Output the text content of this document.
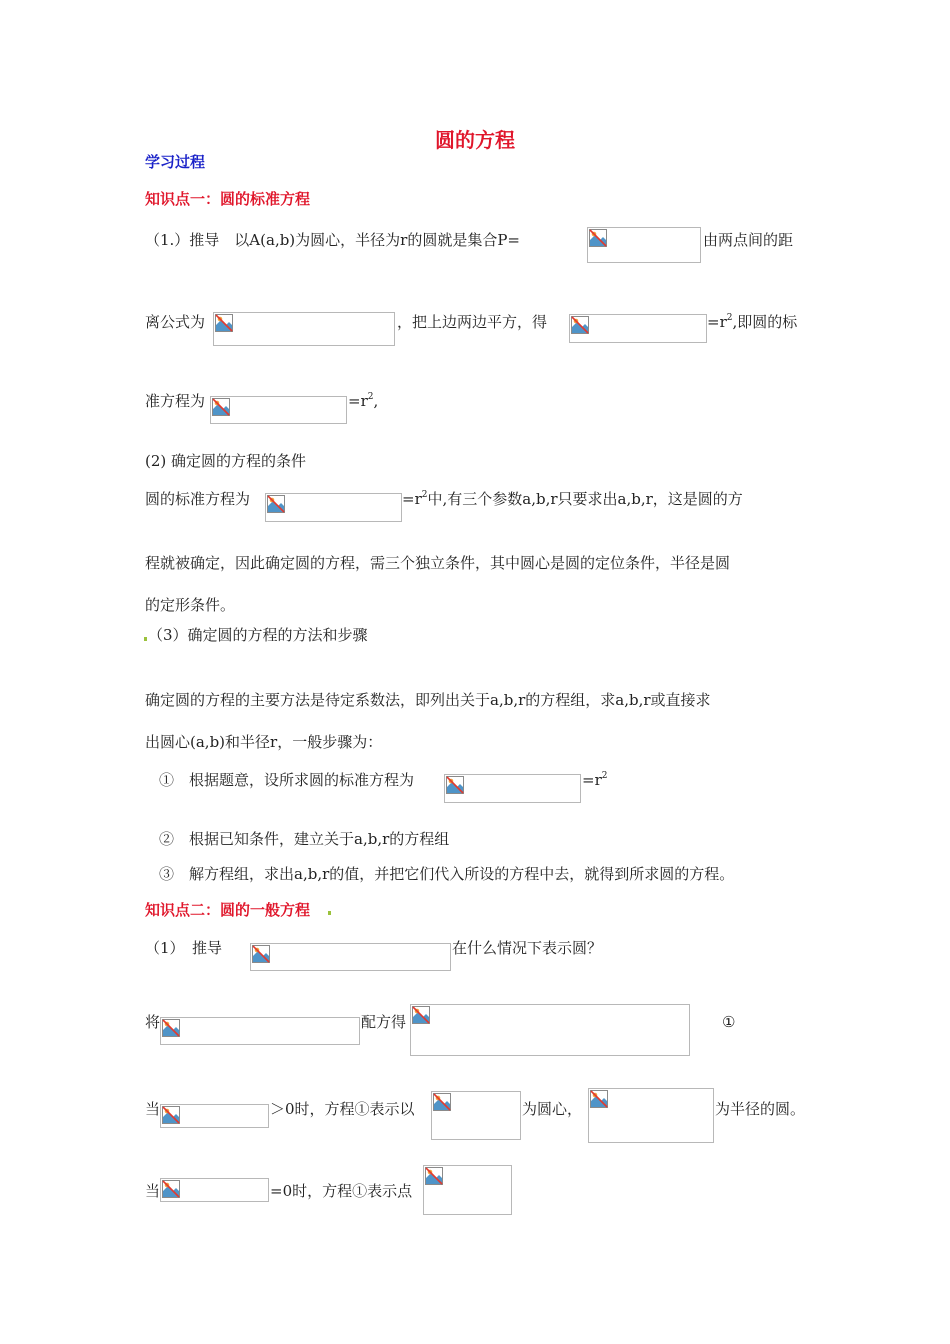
圆的方程
学习过程
知识点一：圆的标准方程
（1.）推导　以A(a,b)为圆心，半径为r的圆就是集合P=	由两点间的距
离公式为	，把上边两边平方，得	$=r^2$,即圆的标
准方程为	$=r^2$,
(2) 确定圆的方程的条件
圆的标准方程为	$=r^2$中,有三个参数a,b,r只要求出a,b,r，这是圆的方
程就被确定，因此确定圆的方程，需三个独立条件，其中圆心是圆的定位条件，半径是圆
的定形条件。
（3）确定圆的方程的方法和步骤
确定圆的方程的主要方法是待定系数法，即列出关于a,b,r的方程组，求a,b,r或直接求
出圆心(a,b)和半径r，一般步骤为：
①　根据题意，设所求圆的标准方程为	$=r^2$
②　根据已知条件，建立关于a,b,r的方程组
③　解方程组，求出a,b,r的值，并把它们代入所设的方程中去，就得到所求圆的方程。
知识点二：圆的一般方程
（1）　推导	在什么情况下表示圆？
将	配方得	①
当	＞0时，方程①表示以	为圆心，	为半径的圆。
当	=0时，方程①表示点
